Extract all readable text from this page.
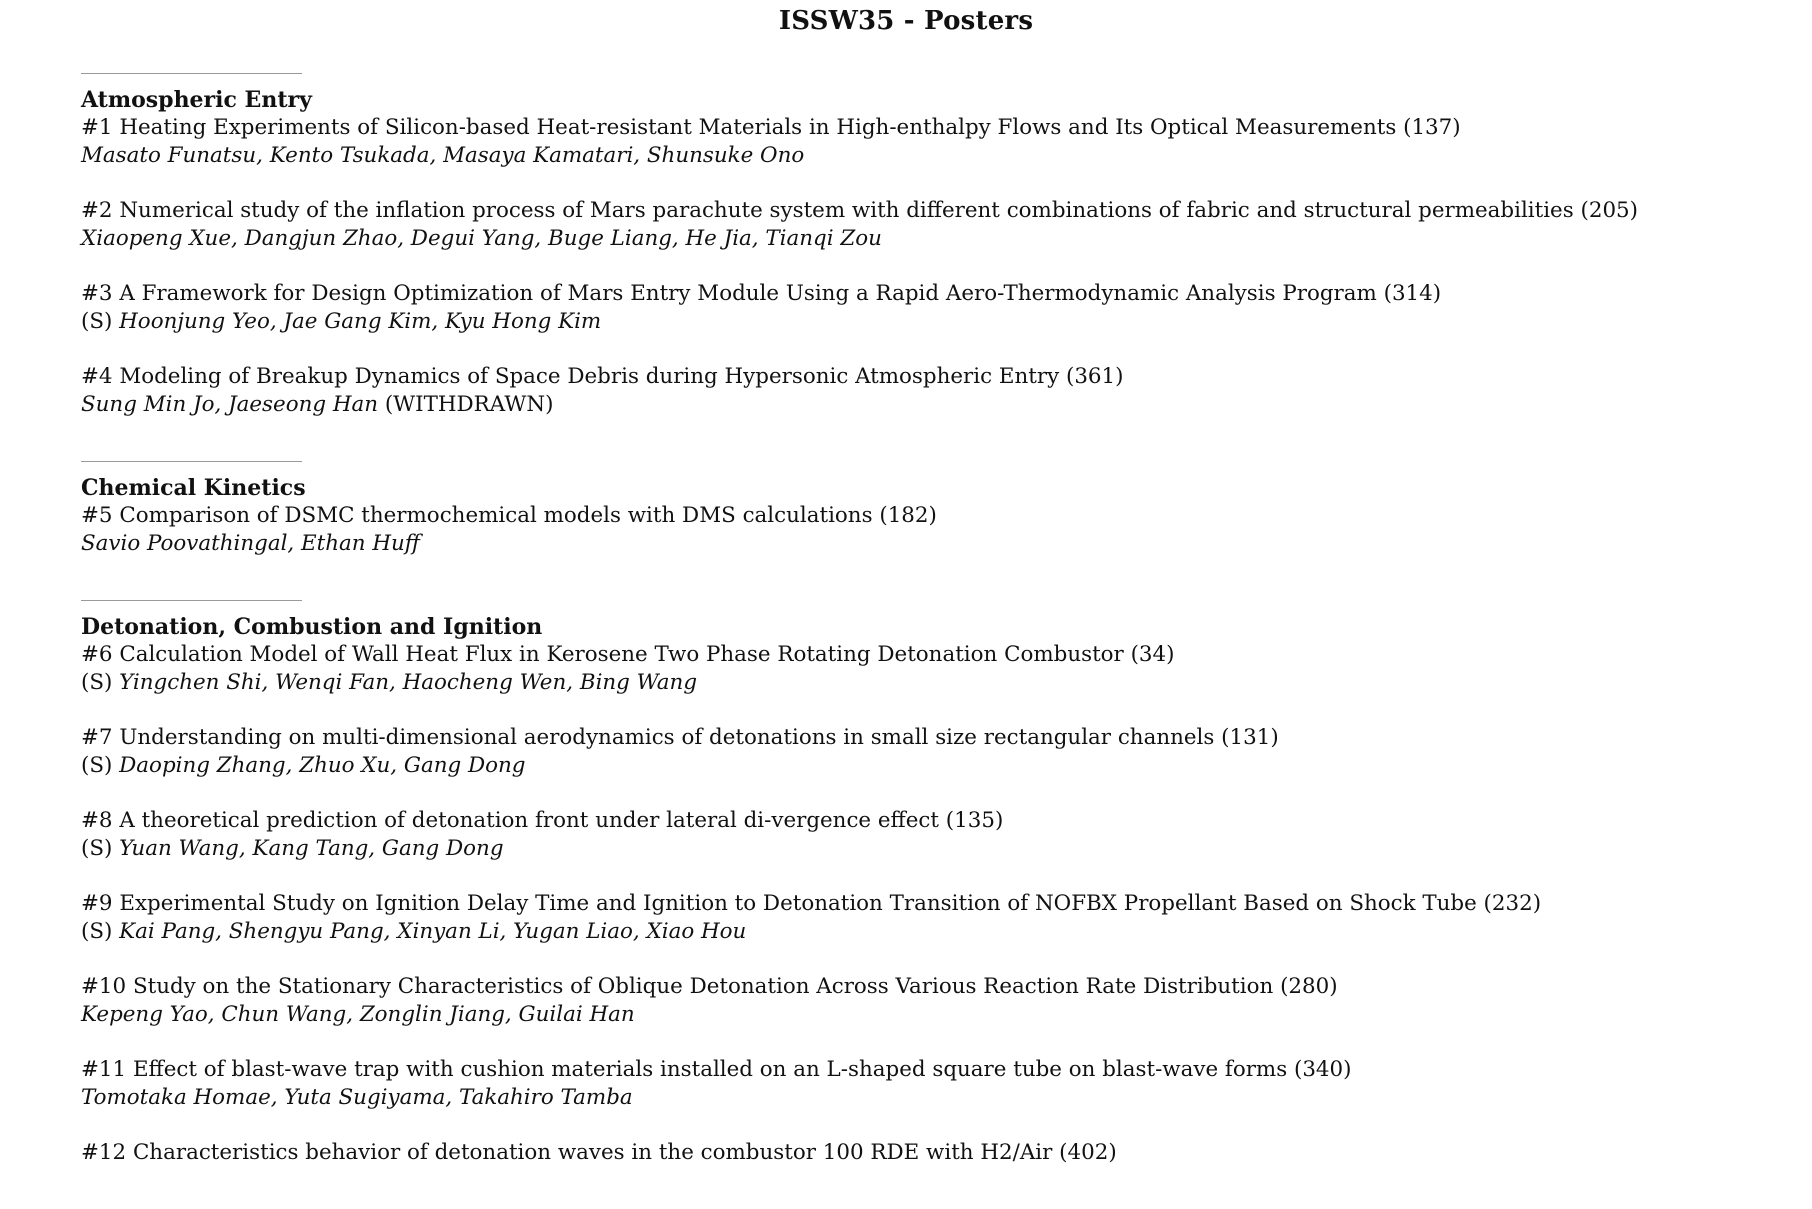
ISSW35 - Posters
Atmospheric Entry
#1 Heating Experiments of Silicon-based Heat-resistant Materials in High-enthalpy Flows and Its Optical Measurements (137)
Masato Funatsu, Kento Tsukada, Masaya Kamatari, Shunsuke Ono
#2 Numerical study of the inflation process of Mars parachute system with different combinations of fabric and structural permeabilities (205)
Xiaopeng Xue, Dangjun Zhao, Degui Yang, Buge Liang, He Jia, Tianqi Zou
#3 A Framework for Design Optimization of Mars Entry Module Using a Rapid Aero-Thermodynamic Analysis Program (314)
(S) Hoonjung Yeo, Jae Gang Kim, Kyu Hong Kim
#4 Modeling of Breakup Dynamics of Space Debris during Hypersonic Atmospheric Entry (361)
Sung Min Jo, Jaeseong Han (WITHDRAWN)
Chemical Kinetics
#5 Comparison of DSMC thermochemical models with DMS calculations (182)
Savio Poovathingal, Ethan Huff
Detonation, Combustion and Ignition
#6 Calculation Model of Wall Heat Flux in Kerosene Two Phase Rotating Detonation Combustor (34)
(S) Yingchen Shi, Wenqi Fan, Haocheng Wen, Bing Wang
#7 Understanding on multi-dimensional aerodynamics of detonations in small size rectangular channels (131)
(S) Daoping Zhang, Zhuo Xu, Gang Dong
#8 A theoretical prediction of detonation front under lateral di-vergence effect (135)
(S) Yuan Wang, Kang Tang, Gang Dong
#9 Experimental Study on Ignition Delay Time and Ignition to Detonation Transition of NOFBX Propellant Based on Shock Tube (232)
(S) Kai Pang, Shengyu Pang, Xinyan Li, Yugan Liao, Xiao Hou
#10 Study on the Stationary Characteristics of Oblique Detonation Across Various Reaction Rate Distribution (280)
Kepeng Yao, Chun Wang, Zonglin Jiang, Guilai Han
#11 Effect of blast-wave trap with cushion materials installed on an L-shaped square tube on blast-wave forms (340)
Tomotaka Homae, Yuta Sugiyama, Takahiro Tamba
#12 Characteristics behavior of detonation waves in the combustor 100 RDE with H2/Air (402)
